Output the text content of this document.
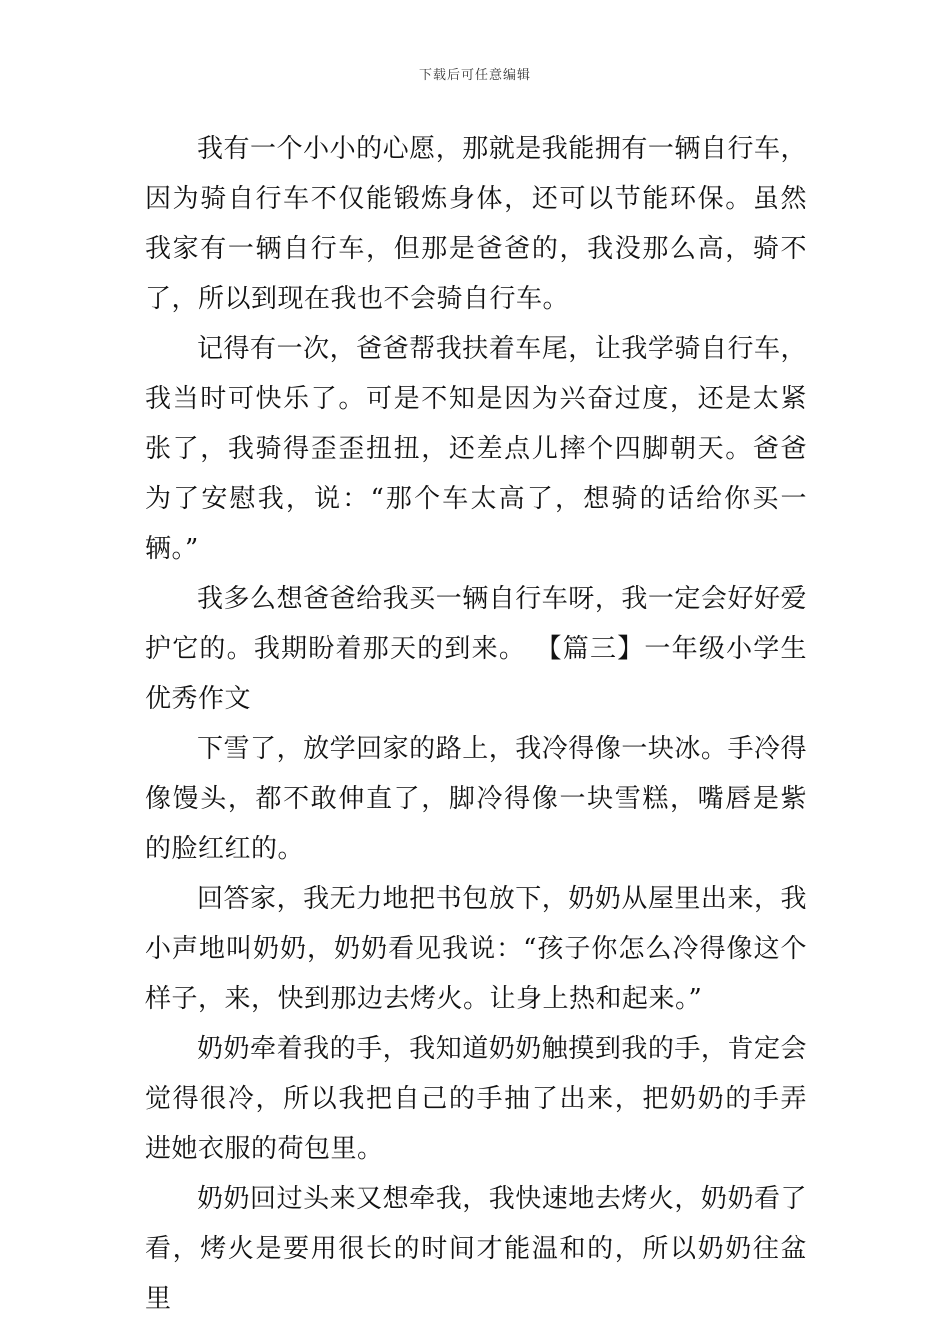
下载后可任意编辑

我有一个小小的心愿，那就是我能拥有一辆自行车，因为骑自行车不仅能锻炼身体，还可以节能环保。虽然我家有一辆自行车，但那是爸爸的，我没那么高，骑不了，所以到现在我也不会骑自行车。

记得有一次，爸爸帮我扶着车尾，让我学骑自行车，我当时可快乐了。可是不知是因为兴奋过度，还是太紧张了，我骑得歪歪扭扭，还差点儿摔个四脚朝天。爸爸为了安慰我，说：“那个车太高了，想骑的话给你买一辆。”

我多么想爸爸给我买一辆自行车呀，我一定会好好爱护它的。我期盼着那天的到来。 【篇三】一年级小学生优秀作文

下雪了，放学回家的路上，我冷得像一块冰。手冷得像馒头，都不敢伸直了，脚冷得像一块雪糕，嘴唇是紫的脸红红的。

回答家，我无力地把书包放下，奶奶从屋里出来，我小声地叫奶奶，奶奶看见我说：“孩子你怎么冷得像这个样子，来，快到那边去烤火。让身上热和起来。”

奶奶牵着我的手，我知道奶奶触摸到我的手，肯定会觉得很冷，所以我把自己的手抽了出来，把奶奶的手弄进她衣服的荷包里。

奶奶回过头来又想牵我，我快速地去烤火，奶奶看了看，烤火是要用很长的时间才能温和的，所以奶奶往盆里
